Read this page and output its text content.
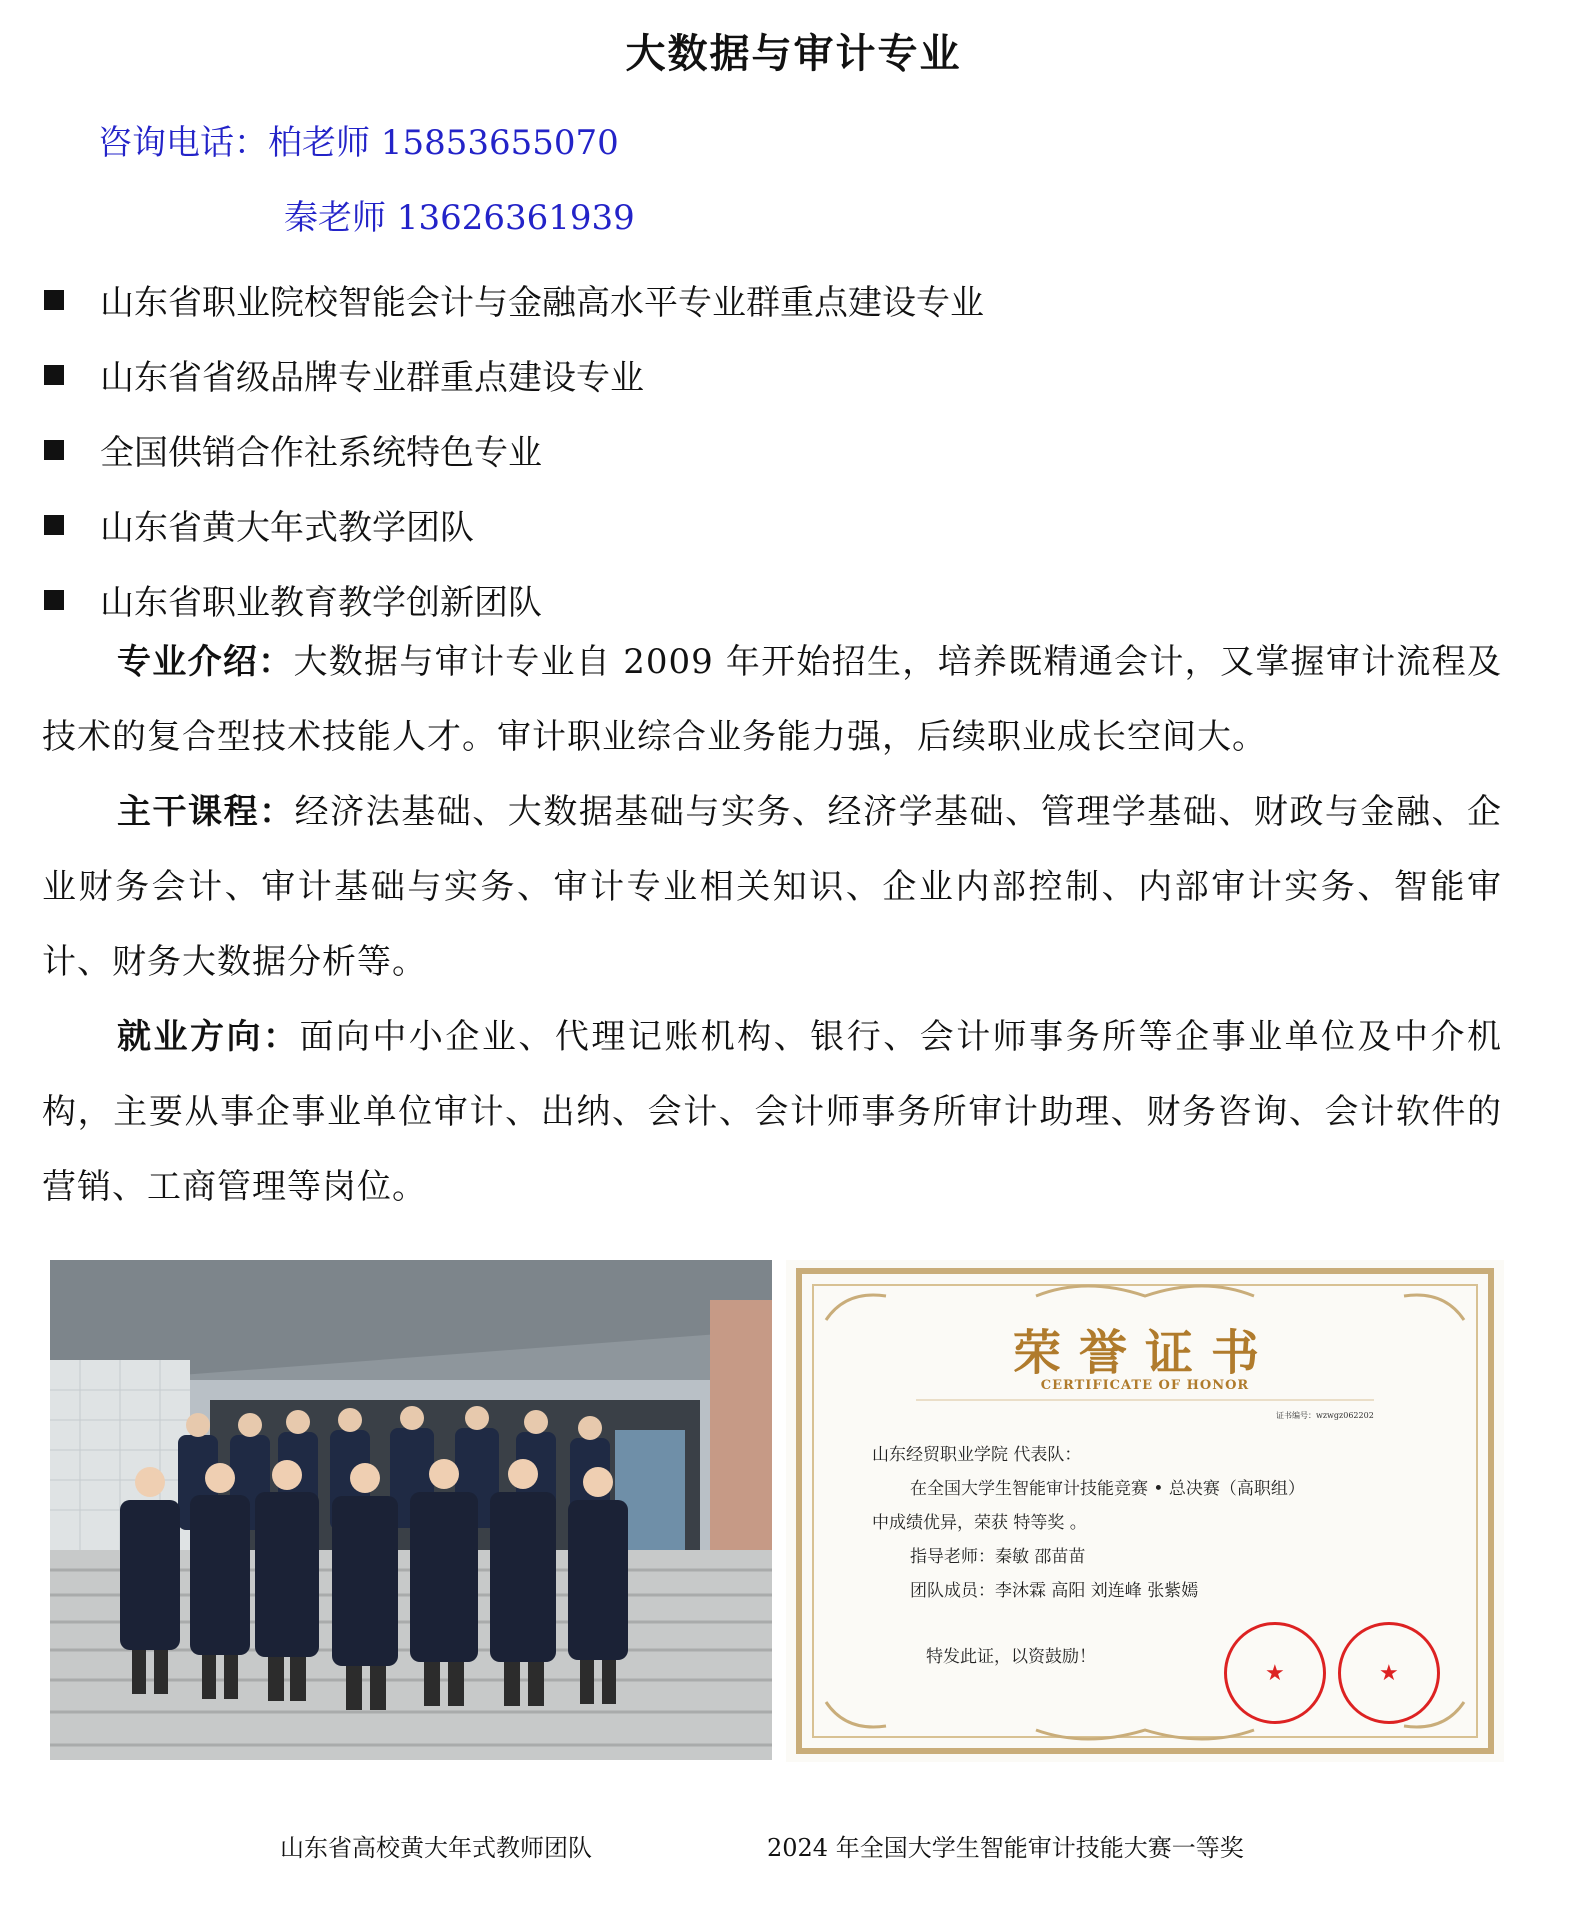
大数据与审计专业
咨询电话：柏老师 15853655070
秦老师 13626361939
山东省职业院校智能会计与金融高水平专业群重点建设专业
山东省省级品牌专业群重点建设专业
全国供销合作社系统特色专业
山东省黄大年式教学团队
山东省职业教育教学创新团队
专业介绍：大数据与审计专业自 2009 年开始招生，培养既精通会计，又掌握审计流程及技术的复合型技术技能人才。审计职业综合业务能力强，后续职业成长空间大。
主干课程：经济法基础、大数据基础与实务、经济学基础、管理学基础、财政与金融、企业财务会计、审计基础与实务、审计专业相关知识、企业内部控制、内部审计实务、智能审计、财务大数据分析等。
就业方向：面向中小企业、代理记账机构、银行、会计师事务所等企事业单位及中介机构，主要从事企事业单位审计、出纳、会计、会计师事务所审计助理、财务咨询、会计软件的营销、工商管理等岗位。
荣誉证书
CERTIFICATE OF HONOR
证书编号：wzwgz062202
山东经贸职业学院 代表队：
在全国大学生智能审计技能竞赛 • 总决赛（高职组）
中成绩优异，荣获 特等奖 。
指导老师：秦敏 邵苗苗
团队成员：李沐霖 高阳 刘连峰 张紫嫣
特发此证，以资鼓励！
★	★
山东省高校黄大年式教师团队	2024 年全国大学生智能审计技能大赛一等奖
